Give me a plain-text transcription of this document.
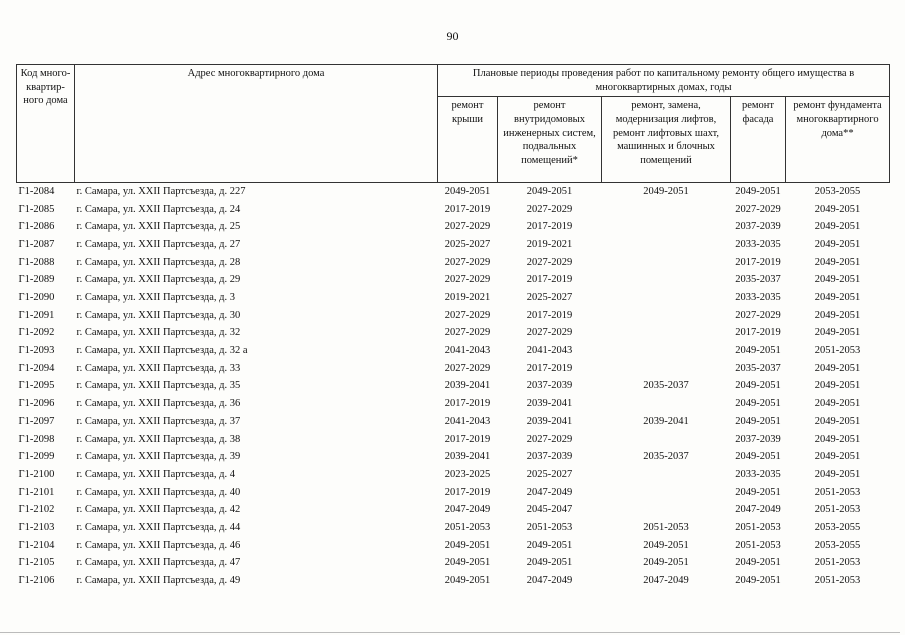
90
Код много-квартир-ного дома	Адрес многоквартирного дома	Плановые периоды проведения работ по капитальному ремонту общего имущества в многоквартирных домах, годы				
		ремонт крыши	ремонт внутридомовых инженерных систем, подвальных помещений*	ремонт, замена, модернизация лифтов, ремонт лифтовых шахт, машинных и блочных помещений	ремонт фасада	ремонт фундамента многоквартирного дома**
Г1-2084	г. Самара, ул. ХХII Партсъезда, д. 227	2049-2051	2049-2051	2049-2051	2049-2051	2053-2055
Г1-2085	г. Самара, ул. ХХII Партсъезда, д. 24	2017-2019	2027-2029		2027-2029	2049-2051
Г1-2086	г. Самара, ул. ХХII Партсъезда, д. 25	2027-2029	2017-2019		2037-2039	2049-2051
Г1-2087	г. Самара, ул. ХХII Партсъезда, д. 27	2025-2027	2019-2021		2033-2035	2049-2051
Г1-2088	г. Самара, ул. ХХII Партсъезда, д. 28	2027-2029	2027-2029		2017-2019	2049-2051
Г1-2089	г. Самара, ул. ХХII Партсъезда, д. 29	2027-2029	2017-2019		2035-2037	2049-2051
Г1-2090	г. Самара, ул. ХХII Партсъезда, д. 3	2019-2021	2025-2027		2033-2035	2049-2051
Г1-2091	г. Самара, ул. ХХII Партсъезда, д. 30	2027-2029	2017-2019		2027-2029	2049-2051
Г1-2092	г. Самара, ул. ХХII Партсъезда, д. 32	2027-2029	2027-2029		2017-2019	2049-2051
Г1-2093	г. Самара, ул. ХХII Партсъезда, д. 32 а	2041-2043	2041-2043		2049-2051	2051-2053
Г1-2094	г. Самара, ул. ХХII Партсъезда, д. 33	2027-2029	2017-2019		2035-2037	2049-2051
Г1-2095	г. Самара, ул. ХХII Партсъезда, д. 35	2039-2041	2037-2039	2035-2037	2049-2051	2049-2051
Г1-2096	г. Самара, ул. ХХII Партсъезда, д. 36	2017-2019	2039-2041		2049-2051	2049-2051
Г1-2097	г. Самара, ул. ХХII Партсъезда, д. 37	2041-2043	2039-2041	2039-2041	2049-2051	2049-2051
Г1-2098	г. Самара, ул. ХХII Партсъезда, д. 38	2017-2019	2027-2029		2037-2039	2049-2051
Г1-2099	г. Самара, ул. ХХII Партсъезда, д. 39	2039-2041	2037-2039	2035-2037	2049-2051	2049-2051
Г1-2100	г. Самара, ул. ХХII Партсъезда, д. 4	2023-2025	2025-2027		2033-2035	2049-2051
Г1-2101	г. Самара, ул. ХХII Партсъезда, д. 40	2017-2019	2047-2049		2049-2051	2051-2053
Г1-2102	г. Самара, ул. ХХII Партсъезда, д. 42	2047-2049	2045-2047		2047-2049	2051-2053
Г1-2103	г. Самара, ул. ХХII Партсъезда, д. 44	2051-2053	2051-2053	2051-2053	2051-2053	2053-2055
Г1-2104	г. Самара, ул. ХХII Партсъезда, д. 46	2049-2051	2049-2051	2049-2051	2051-2053	2053-2055
Г1-2105	г. Самара, ул. ХХII Партсъезда, д. 47	2049-2051	2049-2051	2049-2051	2049-2051	2051-2053
Г1-2106	г. Самара, ул. ХХII Партсъезда, д. 49	2049-2051	2047-2049	2047-2049	2049-2051	2051-2053
